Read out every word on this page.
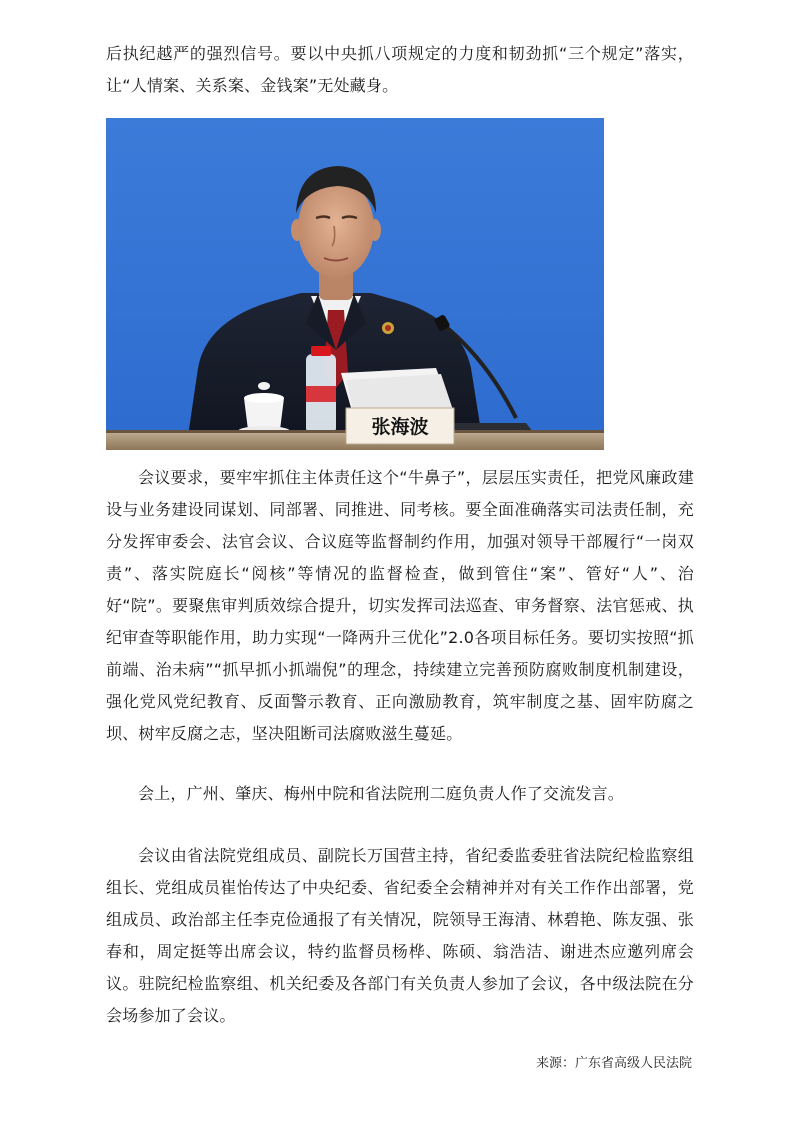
后执纪越严的强烈信号。要以中央抓八项规定的力度和韧劲抓“三个规定”落实，让“人情案、关系案、金钱案”无处藏身。

张海波

会议要求，要牢牢抓住主体责任这个“牛鼻子”，层层压实责任，把党风廉政建设与业务建设同谋划、同部署、同推进、同考核。要全面准确落实司法责任制，充分发挥审委会、法官会议、合议庭等监督制约作用，加强对领导干部履行“一岗双责”、落实院庭长“阅核”等情况的监督检查，做到管住“案”、管好“人”、治好“院”。要聚焦审判质效综合提升，切实发挥司法巡查、审务督察、法官惩戒、执纪审查等职能作用，助力实现“一降两升三优化”2.0各项目标任务。要切实按照“抓前端、治未病”“抓早抓小抓端倪”的理念，持续建立完善预防腐败制度机制建设，强化党风党纪教育、反面警示教育、正向激励教育，筑牢制度之基、固牢防腐之坝、树牢反腐之志，坚决阻断司法腐败滋生蔓延。

会上，广州、肇庆、梅州中院和省法院刑二庭负责人作了交流发言。

会议由省法院党组成员、副院长万国营主持，省纪委监委驻省法院纪检监察组组长、党组成员崔怡传达了中央纪委、省纪委全会精神并对有关工作作出部署，党组成员、政治部主任李克俭通报了有关情况，院领导王海清、林碧艳、陈友强、张春和，周定挺等出席会议，特约监督员杨桦、陈硕、翁浩洁、谢进杰应邀列席会议。驻院纪检监察组、机关纪委及各部门有关负责人参加了会议，各中级法院在分会场参加了会议。

来源：广东省高级人民法院
